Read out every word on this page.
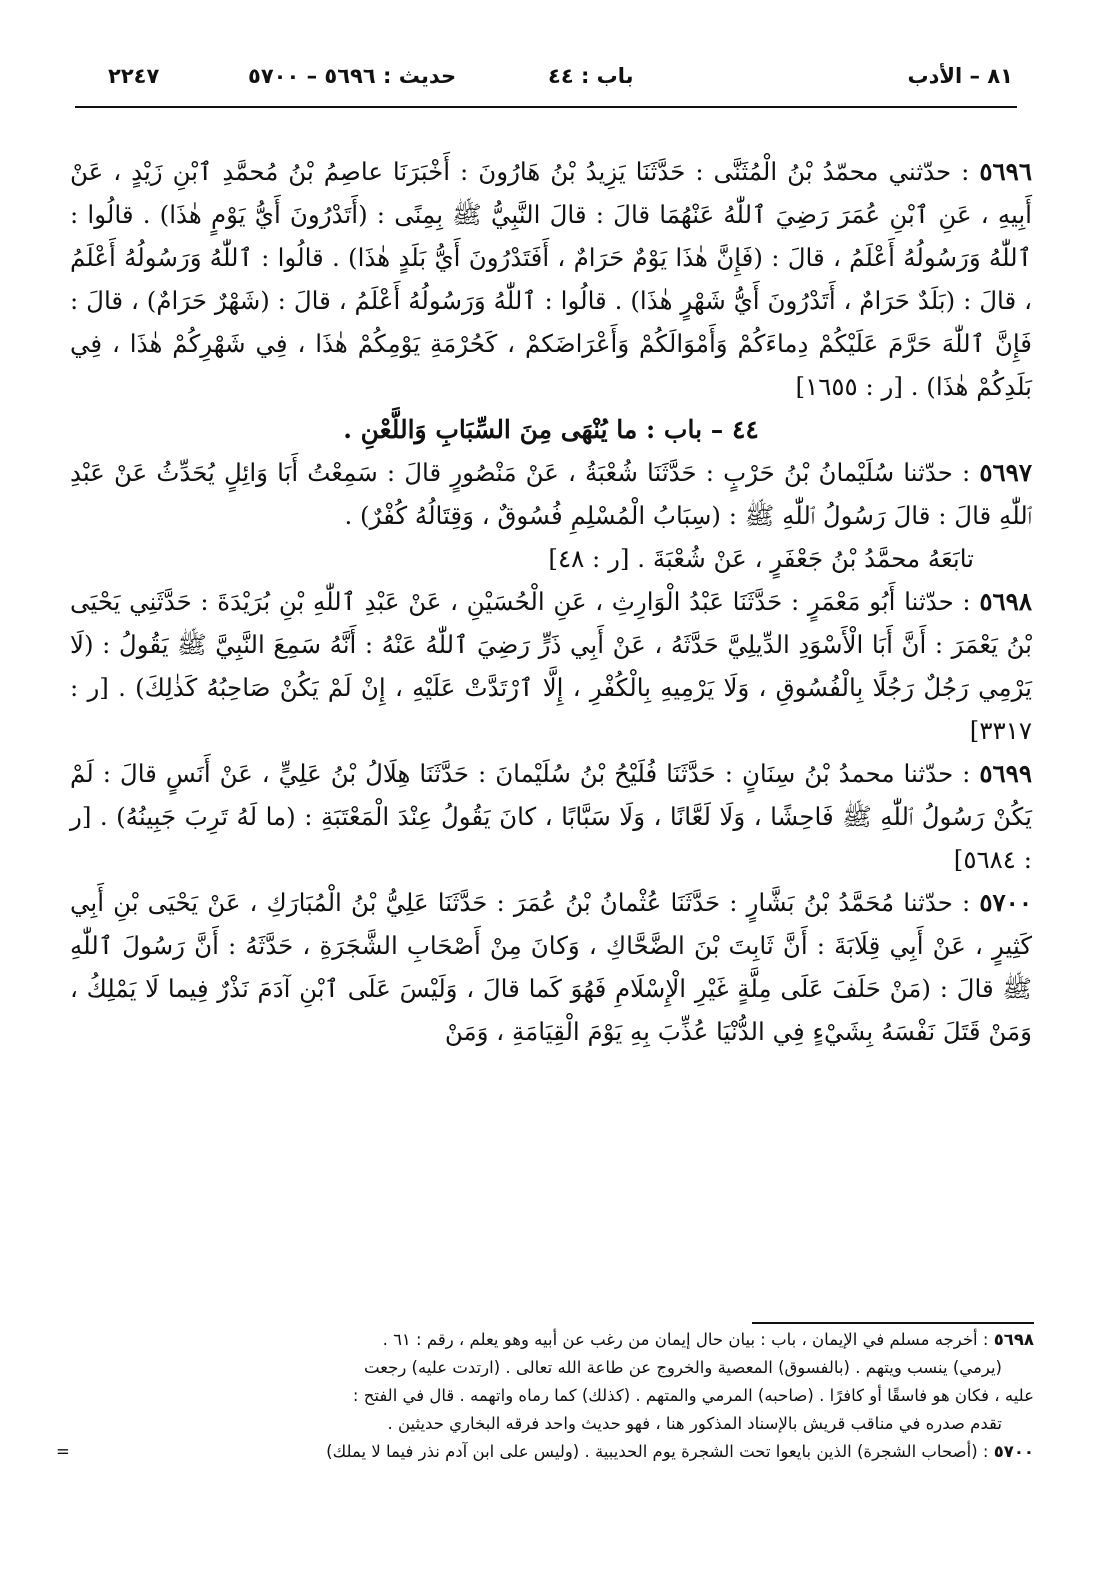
٢٢٤٧	حديث : ٥٦٩٦ – ٥٧٠٠	باب : ٤٤	٨١ – الأدب

٥٦٩٦ : حدّثني محمّدُ بْنُ الْمُثَنَّى : حَدَّثَنَا يَزِيدُ بْنُ هَارُونَ : أَخْبَرَنَا عاصِمُ بْنُ مُحمَّدِ ٱبْنِ زَيْدٍ ، عَنْ أَبِيهِ ، عَنِ ٱبْنِ عُمَرَ رَضِيَ ٱللّٰهُ عَنْهُمَا قالَ : قالَ النَّبِيُّ ﷺ بِمِنًى : (أَتَدْرُونَ أَيُّ يَوْمٍ هٰذَا) . قالُوا : ٱللّٰهُ وَرَسُولُهُ أَعْلَمُ ، قالَ : (فَإِنَّ هٰذَا يَوْمٌ حَرَامٌ ، أَفَتَدْرُونَ أَيُّ بَلَدٍ هٰذَا) . قالُوا : ٱللّٰهُ وَرَسُولُهُ أَعْلَمُ ، قالَ : (بَلَدٌ حَرَامٌ ، أَتَدْرُونَ أَيُّ شَهْرٍ هٰذَا) . قالُوا : ٱللّٰهُ وَرَسُولُهُ أَعْلَمُ ، قالَ : (شَهْرٌ حَرَامٌ) ، قالَ : فَإِنَّ ٱللّٰهَ حَرَّمَ عَلَيْكُمْ دِماءَكُمْ وَأَمْوَالَكُمْ وَأَعْرَاضَكمْ ، كَحُرْمَةِ يَوْمِكُمْ هٰذَا ، فِي شَهْرِكُمْ هٰذَا ، فِي بَلَدِكُمْ هٰذَا) . [ر : ١٦٥٥]

٤٤ – باب : ما يُنْهَى مِنَ السِّبَابِ وَاللَّعْنِ .

٥٦٩٧ : حدّثنا سُلَيْمانُ بْنُ حَرْبٍ : حَدَّثَنَا شُعْبَةُ ، عَنْ مَنْصُورٍ قالَ : سَمِعْتُ أَبَا وَائِلٍ يُحَدِّثُ عَنْ عَبْدِ ٱللّٰهِ قالَ : قالَ رَسُولُ ٱللّٰهِ ﷺ : (سِبَابُ الْمُسْلِمِ فُسُوقٌ ، وَقِتَالُهُ كُفْرٌ) .

تابَعَهُ محمَّدُ بْنُ جَعْفَرٍ ، عَنْ شُعْبَةَ . [ر : ٤٨]

٥٦٩٨ : حدّثنا أَبُو مَعْمَرٍ : حَدَّثَنَا عَبْدُ الْوَارِثِ ، عَنِ الْحُسَيْنِ ، عَنْ عَبْدِ ٱللّٰهِ بْنِ بُرَيْدَةَ : حَدَّثَنِي يَحْيَى بْنُ يَعْمَرَ : أَنَّ أَبَا الْأَسْوَدِ الدِّيلِيَّ حَدَّثَهُ ، عَنْ أَبِي ذَرٍّ رَضِيَ ٱللّٰهُ عَنْهُ : أَنَّهُ سَمِعَ النَّبِيَّ ﷺ يَقُولُ : (لَا يَرْمِي رَجُلٌ رَجُلًا بِالْفُسُوقِ ، وَلَا يَرْمِيهِ بِالْكُفْرِ ، إِلَّا ٱرْتَدَّتْ عَلَيْهِ ، إِنْ لَمْ يَكُنْ صَاحِبُهُ كَذٰلِكَ) . [ر : ٣٣١٧]

٥٦٩٩ : حدّثنا محمدُ بْنُ سِنَانٍ : حَدَّثَنَا فُلَيْحُ بْنُ سُلَيْمانَ : حَدَّثَنَا هِلَالُ بْنُ عَلِيٍّ ، عَنْ أَنَسٍ قالَ : لَمْ يَكُنْ رَسُولُ ٱللّٰهِ ﷺ فَاحِشًا ، وَلَا لَعَّانًا ، وَلَا سَبَّابًا ، كانَ يَقُولُ عِنْدَ الْمَعْتَبَةِ : (ما لَهُ تَرِبَ جَبِينُهُ) . [ر : ٥٦٨٤]

٥٧٠٠ : حدّثنا مُحَمَّدُ بْنُ بَشَّارٍ : حَدَّثَنَا عُثْمانُ بْنُ عُمَرَ : حَدَّثَنَا عَلِيُّ بْنُ الْمُبَارَكِ ، عَنْ يَحْيَى بْنِ أَبِي كَثِيرٍ ، عَنْ أَبِي قِلَابَةَ : أَنَّ ثَابِتَ بْنَ الضَّحَّاكِ ، وَكانَ مِنْ أَصْحَابِ الشَّجَرَةِ ، حَدَّثَهُ : أَنَّ رَسُولَ ٱللّٰهِ ﷺ قالَ : (مَنْ حَلَفَ عَلَى مِلَّةٍ غَيْرِ الْإِسْلَامِ فَهُوَ كَما قالَ ، وَلَيْسَ عَلَى ٱبْنِ آدَمَ نَذْرٌ فِيما لَا يَمْلِكُ ، وَمَنْ قَتَلَ نَفْسَهُ بِشَيْءٍ فِي الدُّنْيَا عُذِّبَ بِهِ يَوْمَ الْقِيَامَةِ ، وَمَنْ

٥٦٩٨ : أخرجه مسلم في الإيمان ، باب : بيان حال إيمان من رغب عن أبيه وهو يعلم ، رقم : ٦١ .

(يرمي) ينسب ويتهم . (بالفسوق) المعصية والخروج عن طاعة الله تعالى . (ارتدت عليه) رجعت

عليه ، فكان هو فاسقًا أو كافرًا . (صاحبه) المرمي والمتهم . (كذلك) كما رماه واتهمه . قال في الفتح :

تقدم صدره في مناقب قريش بالإسناد المذكور هنا ، فهو حديث واحد فرقه البخاري حديثين .

٥٧٠٠ : (أصحاب الشجرة) الذين بايعوا تحت الشجرة يوم الحديبية . (وليس على ابن آدم نذر فيما لا يملك)
=
